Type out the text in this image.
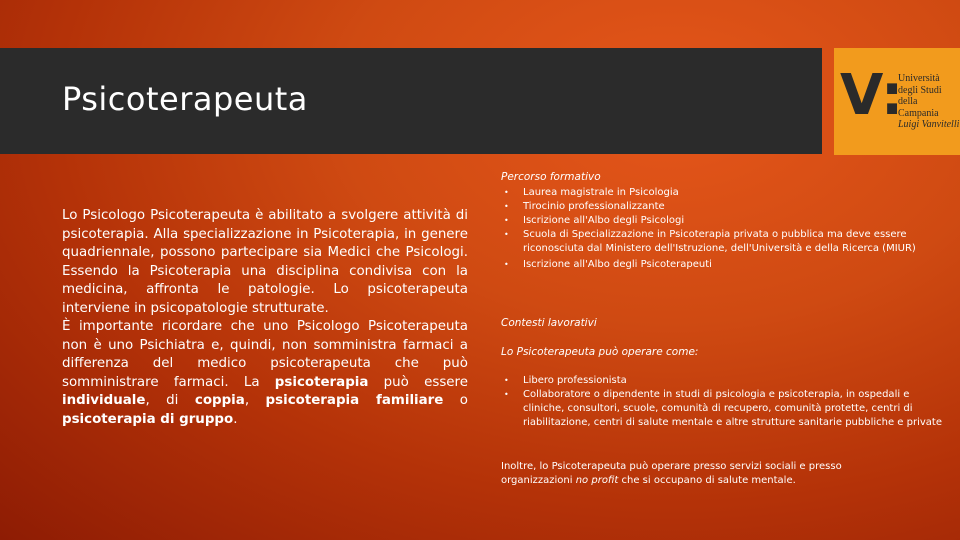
Psicoterapeuta	V:
Università
degli Studi
della Campania
Luigi Vanvitelli

Lo Psicologo Psicoterapeuta è abilitato a svolgere attività di psicoterapia. Alla specializzazione in Psicoterapia, in genere quadriennale, possono partecipare sia Medici che Psicologi. Essendo la Psicoterapia una disciplina condivisa con la medicina, affronta le patologie. Lo psicoterapeuta interviene in psicopatologie strutturate.

È importante ricordare che uno Psicologo Psicoterapeuta non è uno Psichiatra e, quindi, non somministra farmaci a differenza del medico psicoterapeuta che può somministrare farmaci. La psicoterapia può essere individuale, di coppia, psicoterapia familiare o psicoterapia di gruppo.

Percorso formativo
• Laurea magistrale in Psicologia
• Tirocinio professionalizzante
• Iscrizione all'Albo degli Psicologi
• Scuola di Specializzazione in Psicoterapia privata o pubblica ma deve essere riconosciuta dal Ministero dell'Istruzione, dell'Università e della Ricerca (MIUR)
• Iscrizione all'Albo degli Psicoterapeuti
Contesti lavorativi
Lo Psicoterapeuta può operare come:
• Libero professionista
• Collaboratore o dipendente in studi di psicologia e psicoterapia, in ospedali e cliniche, consultori, scuole, comunità di recupero, comunità protette, centri di riabilitazione, centri di salute mentale e altre strutture sanitarie pubbliche e private
Inoltre, lo Psicoterapeuta può operare presso servizi sociali e presso organizzazioni no profit che si occupano di salute mentale.
